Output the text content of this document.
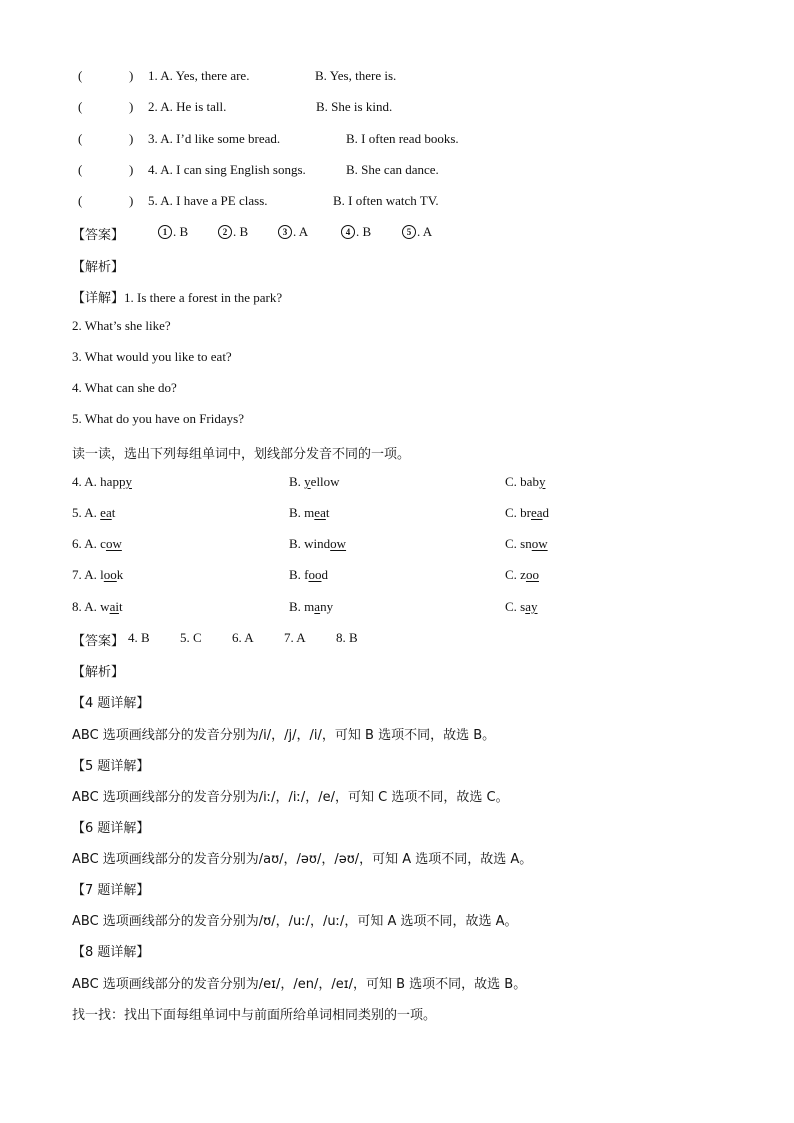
(	) 1. A. Yes, there are.	B. Yes, there is.
(	) 2. A. He is tall.	B. She is kind.
(	) 3. A. I’d like some bread.	B. I often read books.
(	) 4. A. I can sing English songs.	B. She can dance.
(	) 5. A. I have a PE class.	B. I often watch TV.
【答案】	1 . B	2 . B	3 . A	4 . B	5 . A
【解析】
【详解】1. Is there a forest in the park?
2. What’s she like?
3. What would you like to eat?
4. What can she do?
5. What do you have on Fridays?
读一读，选出下列每组单词中，划线部分发音不同的一项。
4. A. happy	B. yellow	C. baby
5. A. eat	B. meat	C. bread
6. A. cow	B. window	C. snow
7. A. look	B. food	C. zoo
8. A. wait	B. many	C. say
【答案】 4. B 5. C 6. A 7. A 8. B
【解析】
【4 题详解】
ABC 选项画线部分的发音分别为/i/，/j/，/i/，可知 B 选项不同，故选 B。
【5 题详解】
ABC 选项画线部分的发音分别为/iː/，/iː/，/e/，可知 C 选项不同，故选 C。
【6 题详解】
ABC 选项画线部分的发音分别为/aʊ/，/əʊ/，/əʊ/，可知 A 选项不同，故选 A。
【7 题详解】
ABC 选项画线部分的发音分别为/ʊ/，/uː/，/uː/，可知 A 选项不同，故选 A。
【8 题详解】
ABC 选项画线部分的发音分别为/eɪ/，/en/，/eɪ/，可知 B 选项不同，故选 B。
找一找：找出下面每组单词中与前面所给单词相同类别的一项。
